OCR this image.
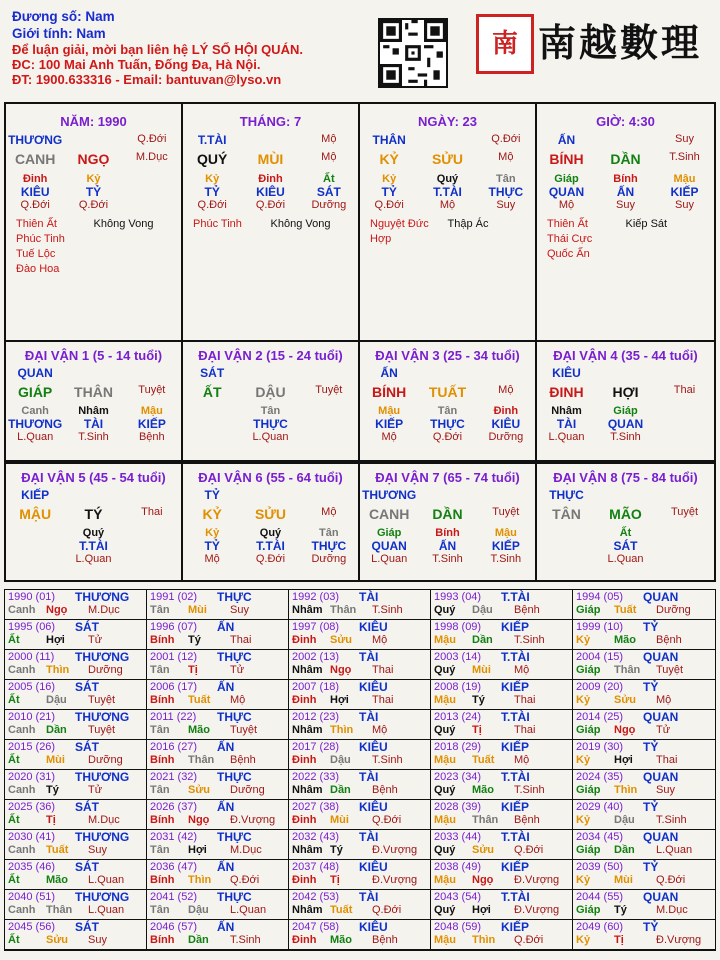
Đương số: Nam
Giới tính: Nam
Để luận giải, mời bạn liên hệ LÝ SỐ HỘI QUÁN.
ĐC: 100 Mai Anh Tuấn, Đống Đa, Hà Nội.
ĐT: 1900.633316 - Email: bantuvan@lyso.vn
南 南越數理
NĂM: 1990
THƯƠNG	Q.Đới
CANH	NGỌ	M.Dục
Đinh	Kỷ
KIÊU	TỶ
Q.Đới	Q.Đới
Thiên Ất
Phúc Tinh
Tuế Lộc
Đào Hoa
Không Vong
THÁNG: 7
T.TÀI	Mộ
QUÝ	MÙI	Mộ
Kỷ	Đinh	Ất
TỶ	KIÊU	SÁT
Q.Đới	Q.Đới	Dưỡng
Phúc Tinh	Không Vong
NGÀY: 23
THÂN	Q.Đới
KỶ	SỬU	Mộ
Kỷ	Quý	Tân
TỶ	T.TÀI	THỰC
Q.Đới	Mộ	Suy
Nguyệt Đức Hợp
Thập Ác
GIỜ: 4:30
ẤN	Suy
BÍNH	DẦN	T.Sinh
Giáp	Bính	Mậu
QUAN	ẤN	KIẾP
Mộ	Suy	Suy
Thiên Ất
Thái Cực
Quốc Ấn
Kiếp Sát
ĐẠI VẬN 1 (5 - 14 tuổi)
QUAN
GIÁP	THÂN	Tuyệt
Canh	Nhâm	Mậu
THƯƠNG	TÀI	KIẾP
L.Quan	T.Sinh	Bệnh
ĐẠI VẬN 2 (15 - 24 tuổi)
SÁT
ẤT	DẬU	Tuyệt
Tân
THỰC
L.Quan
ĐẠI VẬN 3 (25 - 34 tuổi)
ẤN
BÍNH	TUẤT	Mộ
Mậu	Tân	Đinh
KIẾP	THỰC	KIÊU
Mộ	Q.Đới	Dưỡng
ĐẠI VẬN 4 (35 - 44 tuổi)
KIÊU
ĐINH	HỢI	Thai
Nhâm	Giáp
TÀI	QUAN
L.Quan	T.Sinh
ĐẠI VẬN 5 (45 - 54 tuổi)
KIẾP
MẬU	TÝ	Thai
Quý
T.TÀI
L.Quan
ĐẠI VẬN 6 (55 - 64 tuổi)
TỶ
KỶ	SỬU	Mộ
Kỷ	Quý	Tân
TỶ	T.TÀI	THỰC
Mộ	Q.Đới	Dưỡng
ĐẠI VẬN 7 (65 - 74 tuổi)
THƯƠNG
CANH	DẦN	Tuyệt
Giáp	Bính	Mậu
QUAN	ẤN	KIẾP
L.Quan	T.Sinh	T.Sinh
ĐẠI VẬN 8 (75 - 84 tuổi)
THỰC
TÂN	MÃO	Tuyệt
Ất
SÁT
L.Quan
1990 (01) THƯƠNG
Canh Ngọ	M.Dục
1991 (02) THỰC
Tân	Mùi	Suy
1992 (03) TÀI
Nhâm Thân	T.Sinh
1993 (04) T.TÀI
Quý	Dậu	Bệnh
1994 (05) QUAN
Giáp	Tuất	Dưỡng
1995 (06) SÁT
Ất	Hợi	Tử
1996 (07) ẤN
Bính	Tý	Thai
1997 (08) KIÊU
Đinh	Sửu	Mộ
1998 (09) KIẾP
Mậu	Dần	T.Sinh
1999 (10) TỶ
Kỷ	Mão	Bệnh
2000 (11) THƯƠNG
Canh Thìn	Dưỡng
2001 (12) THỰC
Tân	Tị	Tử
2002 (13) TÀI
Nhâm Ngọ	Thai
2003 (14) T.TÀI
Quý	Mùi	Mộ
2004 (15) QUAN
Giáp	Thân	Tuyệt
2005 (16) SÁT
Ất	Dậu	Tuyệt
2006 (17) ẤN
Bính	Tuất	Mộ
2007 (18) KIÊU
Đinh	Hợi	Thai
2008 (19) KIẾP
Mậu	Tý	Thai
2009 (20) TỶ
Kỷ	Sửu	Mộ
2010 (21) THƯƠNG
Canh Dần	Tuyệt
2011 (22) THỰC
Tân	Mão	Tuyệt
2012 (23) TÀI
Nhâm Thìn	Mộ
2013 (24) T.TÀI
Quý	Tị	Thai
2014 (25) QUAN
Giáp	Ngọ	Tử
2015 (26) SÁT
Ất	Mùi	Dưỡng
2016 (27) ẤN
Bính	Thân	Bệnh
2017 (28) KIÊU
Đinh	Dậu	T.Sinh
2018 (29) KIẾP
Mậu	Tuất	Mộ
2019 (30) TỶ
Kỷ	Hợi	Thai
2020 (31) THƯƠNG
Canh Tý	Tử
2021 (32) THỰC
Tân	Sửu	Dưỡng
2022 (33) TÀI
Nhâm Dần	Bệnh
2023 (34) T.TÀI
Quý	Mão	T.Sinh
2024 (35) QUAN
Giáp	Thìn	Suy
2025 (36) SÁT
Ất	Tị	M.Dục
2026 (37) ẤN
Bính	Ngọ	Đ.Vượng
2027 (38) KIÊU
Đinh	Mùi	Q.Đới
2028 (39) KIẾP
Mậu	Thân	Bệnh
2029 (40) TỶ
Kỷ	Dậu	T.Sinh
2030 (41) THƯƠNG
Canh Tuất	Suy
2031 (42) THỰC
Tân	Hợi	M.Dục
2032 (43) TÀI
Nhâm Tý	Đ.Vượng
2033 (44) T.TÀI
Quý	Sửu	Q.Đới
2034 (45) QUAN
Giáp	Dần	L.Quan
2035 (46) SÁT
Ất	Mão	L.Quan
2036 (47) ẤN
Bính	Thìn	Q.Đới
2037 (48) KIÊU
Đinh	Tị	Đ.Vượng
2038 (49) KIẾP
Mậu	Ngọ	Đ.Vượng
2039 (50) TỶ
Kỷ	Mùi	Q.Đới
2040 (51) THƯƠNG
Canh Thân	L.Quan
2041 (52) THỰC
Tân	Dậu	L.Quan
2042 (53) TÀI
Nhâm Tuất	Q.Đới
2043 (54) T.TÀI
Quý	Hợi	Đ.Vượng
2044 (55) QUAN
Giáp	Tý	M.Dục
2045 (56) SÁT
Ất	Sửu	Suy
2046 (57) ẤN
Bính	Dần	T.Sinh
2047 (58) KIÊU
Đinh	Mão	Bệnh
2048 (59) KIẾP
Mậu	Thìn	Q.Đới
2049 (60) TỶ
Kỷ	Tị	Đ.Vượng
